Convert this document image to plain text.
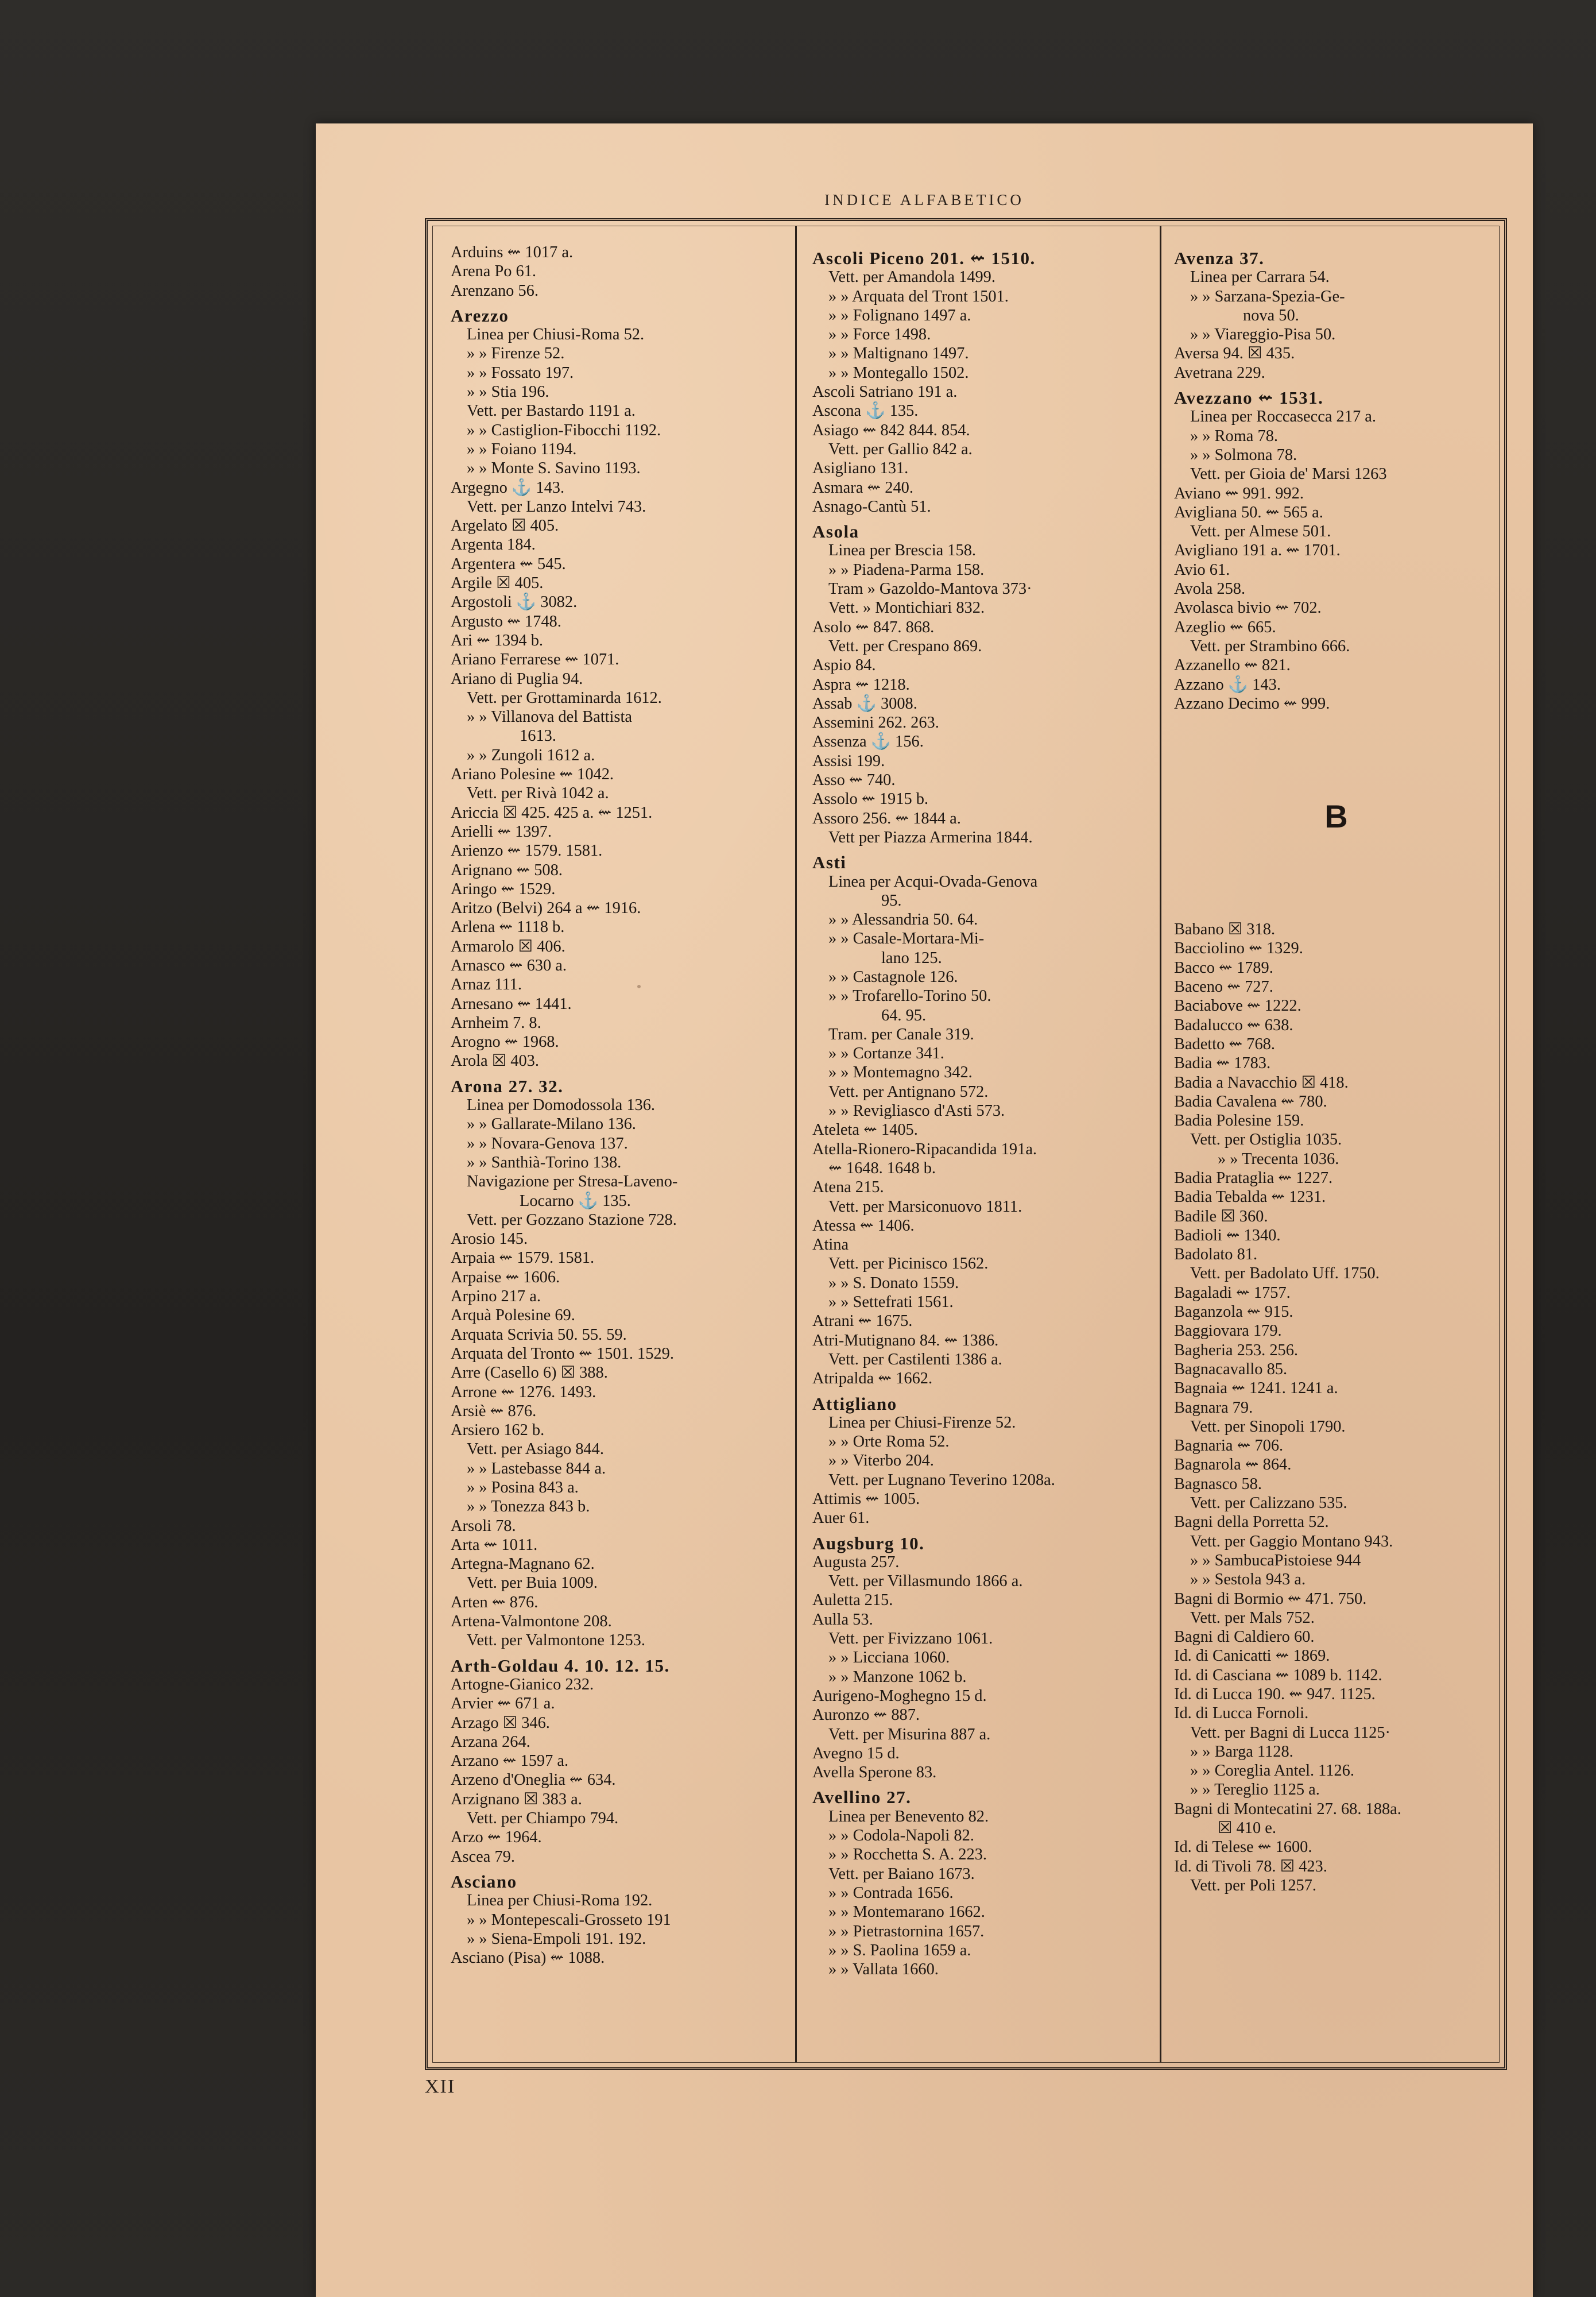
INDICE ALFABETICO
Arduins ⇜ 1017 a.
Arena Po 61.
Arenzano 56.
Arezzo
Linea per Chiusi-Roma 52.
» » Firenze 52.
» » Fossato 197.
» » Stia 196.
Vett. per Bastardo 1191 a.
» » Castiglion-Fibocchi 1192.
» » Foiano 1194.
» » Monte S. Savino 1193.
Argegno ⚓ 143.
Vett. per Lanzo Intelvi 743.
Argelato ☒ 405.
Argenta 184.
Argentera ⇜ 545.
Argile ☒ 405.
Argostoli ⚓ 3082.
Argusto ⇜ 1748.
Ari ⇜ 1394 b.
Ariano Ferrarese ⇜ 1071.
Ariano di Puglia 94.
Vett. per Grottaminarda 1612.
» » Villanova del Battista
1613.
» » Zungoli 1612 a.
Ariano Polesine ⇜ 1042.
Vett. per Rivà 1042 a.
Ariccia ☒ 425. 425 a. ⇜ 1251.
Arielli ⇜ 1397.
Arienzo ⇜ 1579. 1581.
Arignano ⇜ 508.
Aringo ⇜ 1529.
Aritzo (Belvi) 264 a ⇜ 1916.
Arlena ⇜ 1118 b.
Armarolo ☒ 406.
Arnasco ⇜ 630 a.
Arnaz 111.
Arnesano ⇜ 1441.
Arnheim 7. 8.
Arogno ⇜ 1968.
Arola ☒ 403.
Arona 27. 32.
Linea per Domodossola 136.
» » Gallarate-Milano 136.
» » Novara-Genova 137.
» » Santhià-Torino 138.
Navigazione per Stresa-Laveno-
Locarno ⚓ 135.
Vett. per Gozzano Stazione 728.
Arosio 145.
Arpaia ⇜ 1579. 1581.
Arpaise ⇜ 1606.
Arpino 217 a.
Arquà Polesine 69.
Arquata Scrivia 50. 55. 59.
Arquata del Tronto ⇜ 1501. 1529.
Arre (Casello 6) ☒ 388.
Arrone ⇜ 1276. 1493.
Arsiè ⇜ 876.
Arsiero 162 b.
Vett. per Asiago 844.
» » Lastebasse 844 a.
» » Posina 843 a.
» » Tonezza 843 b.
Arsoli 78.
Arta ⇜ 1011.
Artegna-Magnano 62.
Vett. per Buia 1009.
Arten ⇜ 876.
Artena-Valmontone 208.
Vett. per Valmontone 1253.
Arth-Goldau 4. 10. 12. 15.
Artogne-Gianico 232.
Arvier ⇜ 671 a.
Arzago ☒ 346.
Arzana 264.
Arzano ⇜ 1597 a.
Arzeno d'Oneglia ⇜ 634.
Arzignano ☒ 383 a.
Vett. per Chiampo 794.
Arzo ⇜ 1964.
Ascea 79.
Asciano
Linea per Chiusi-Roma 192.
» » Montepescali-Grosseto 191
» » Siena-Empoli 191. 192.
Asciano (Pisa) ⇜ 1088.
Ascoli Piceno 201. ⇜ 1510.
Vett. per Amandola 1499.
» » Arquata del Tront 1501.
» » Folignano 1497 a.
» » Force 1498.
» » Maltignano 1497.
» » Montegallo 1502.
Ascoli Satriano 191 a.
Ascona ⚓ 135.
Asiago ⇜ 842 844. 854.
Vett. per Gallio 842 a.
Asigliano 131.
Asmara ⇜ 240.
Asnago-Cantù 51.
Asola
Linea per Brescia 158.
» » Piadena-Parma 158.
Tram » Gazoldo-Mantova 373·
Vett. » Montichiari 832.
Asolo ⇜ 847. 868.
Vett. per Crespano 869.
Aspio 84.
Aspra ⇜ 1218.
Assab ⚓ 3008.
Assemini 262. 263.
Assenza ⚓ 156.
Assisi 199.
Asso ⇜ 740.
Assolo ⇜ 1915 b.
Assoro 256. ⇜ 1844 a.
Vett per Piazza Armerina 1844.
Asti
Linea per Acqui-Ovada-Genova
95.
» » Alessandria 50. 64.
» » Casale-Mortara-Mi-
lano 125.
» » Castagnole 126.
» » Trofarello-Torino 50.
64. 95.
Tram. per Canale 319.
» » Cortanze 341.
» » Montemagno 342.
Vett. per Antignano 572.
» » Revigliasco d'Asti 573.
Ateleta ⇜ 1405.
Atella-Rionero-Ripacandida 191a.
⇜ 1648. 1648 b.
Atena 215.
Vett. per Marsiconuovo 1811.
Atessa ⇜ 1406.
Atina
Vett. per Picinisco 1562.
» » S. Donato 1559.
» » Settefrati 1561.
Atrani ⇜ 1675.
Atri-Mutignano 84. ⇜ 1386.
Vett. per Castilenti 1386 a.
Atripalda ⇜ 1662.
Attigliano
Linea per Chiusi-Firenze 52.
» » Orte Roma 52.
» » Viterbo 204.
Vett. per Lugnano Teverino 1208a.
Attimis ⇜ 1005.
Auer 61.
Augsburg 10.
Augusta 257.
Vett. per Villasmundo 1866 a.
Auletta 215.
Aulla 53.
Vett. per Fivizzano 1061.
» » Licciana 1060.
» » Manzone 1062 b.
Aurigeno-Moghegno 15 d.
Auronzo ⇜ 887.
Vett. per Misurina 887 a.
Avegno 15 d.
Avella Sperone 83.
Avellino 27.
Linea per Benevento 82.
» » Codola-Napoli 82.
» » Rocchetta S. A. 223.
Vett. per Baiano 1673.
» » Contrada 1656.
» » Montemarano 1662.
» » Pietrastornina 1657.
» » S. Paolina 1659 a.
» » Vallata 1660.
Avenza 37.
Linea per Carrara 54.
» » Sarzana-Spezia-Ge-
nova 50.
» » Viareggio-Pisa 50.
Aversa 94. ☒ 435.
Avetrana 229.
Avezzano ⇜ 1531.
Linea per Roccasecca 217 a.
» » Roma 78.
» » Solmona 78.
Vett. per Gioia de' Marsi 1263
Aviano ⇜ 991. 992.
Avigliana 50. ⇜ 565 a.
Vett. per Almese 501.
Avigliano 191 a. ⇜ 1701.
Avio 61.
Avola 258.
Avolasca bivio ⇜ 702.
Azeglio ⇜ 665.
Vett. per Strambino 666.
Azzanello ⇜ 821.
Azzano ⚓ 143.
Azzano Decimo ⇜ 999.
B
Babano ☒ 318.
Bacciolino ⇜ 1329.
Bacco ⇜ 1789.
Baceno ⇜ 727.
Baciabove ⇜ 1222.
Badalucco ⇜ 638.
Badetto ⇜ 768.
Badia ⇜ 1783.
Badia a Navacchio ☒ 418.
Badia Cavalena ⇜ 780.
Badia Polesine 159.
Vett. per Ostiglia 1035.
» » Trecenta 1036.
Badia Prataglia ⇜ 1227.
Badia Tebalda ⇜ 1231.
Badile ☒ 360.
Badioli ⇜ 1340.
Badolato 81.
Vett. per Badolato Uff. 1750.
Bagaladi ⇜ 1757.
Baganzola ⇜ 915.
Baggiovara 179.
Bagheria 253. 256.
Bagnacavallo 85.
Bagnaia ⇜ 1241. 1241 a.
Bagnara 79.
Vett. per Sinopoli 1790.
Bagnaria ⇜ 706.
Bagnarola ⇜ 864.
Bagnasco 58.
Vett. per Calizzano 535.
Bagni della Porretta 52.
Vett. per Gaggio Montano 943.
» » SambucaPistoiese 944
» » Sestola 943 a.
Bagni di Bormio ⇜ 471. 750.
Vett. per Mals 752.
Bagni di Caldiero 60.
Id. di Canicatti ⇜ 1869.
Id. di Casciana ⇜ 1089 b. 1142.
Id. di Lucca 190. ⇜ 947. 1125.
Id. di Lucca Fornoli.
Vett. per Bagni di Lucca 1125·
» » Barga 1128.
» » Coreglia Antel. 1126.
» » Tereglio 1125 a.
Bagni di Montecatini 27. 68. 188a.
☒ 410 e.
Id. di Telese ⇜ 1600.
Id. di Tivoli 78. ☒ 423.
Vett. per Poli 1257.
XII
